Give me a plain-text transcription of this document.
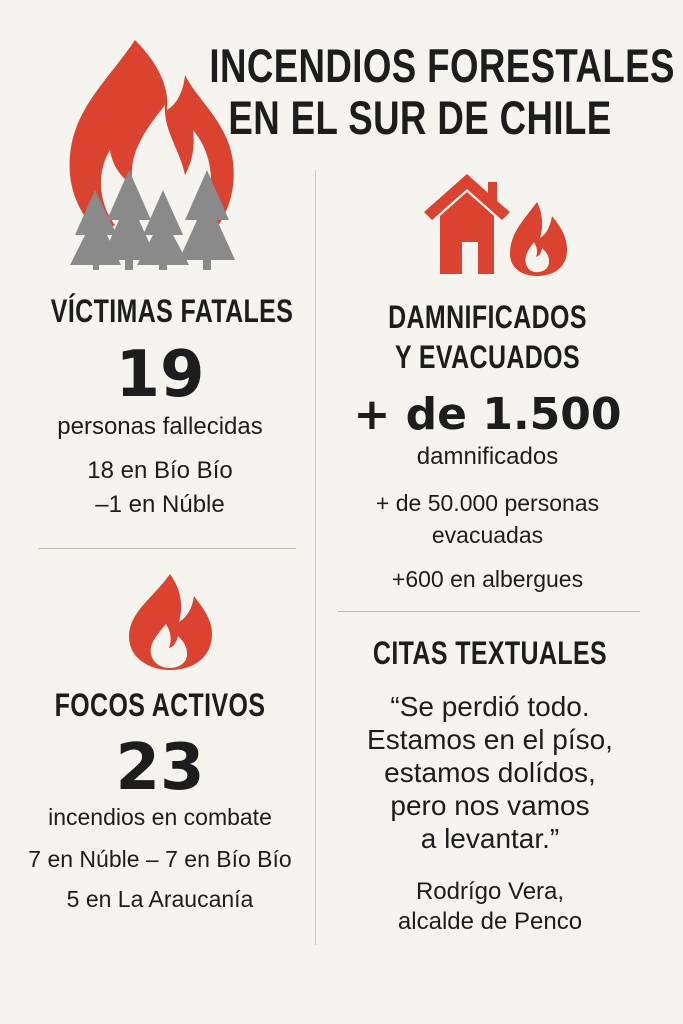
INCENDIOS FORESTALES
EN EL SUR DE CHILE
VÍCTIMAS FATALES
19
personas fallecidas
18 en Bío Bío
–1 en Núble
DAMNIFICADOS
Y EVACUADOS
+ de 1.500
damnificados
+ de 50.000 personas
evacuadas
+600 en albergues
FOCOS ACTIVOS
23
incendios en combate
7 en Núble – 7 en Bío Bío
5 en La Araucanía
CITAS TEXTUALES
“Se perdió todo.
Estamos en el píso,
estamos dolídos,
pero nos vamos
a levantar.”
Rodrígo Vera,
alcalde de Penco
